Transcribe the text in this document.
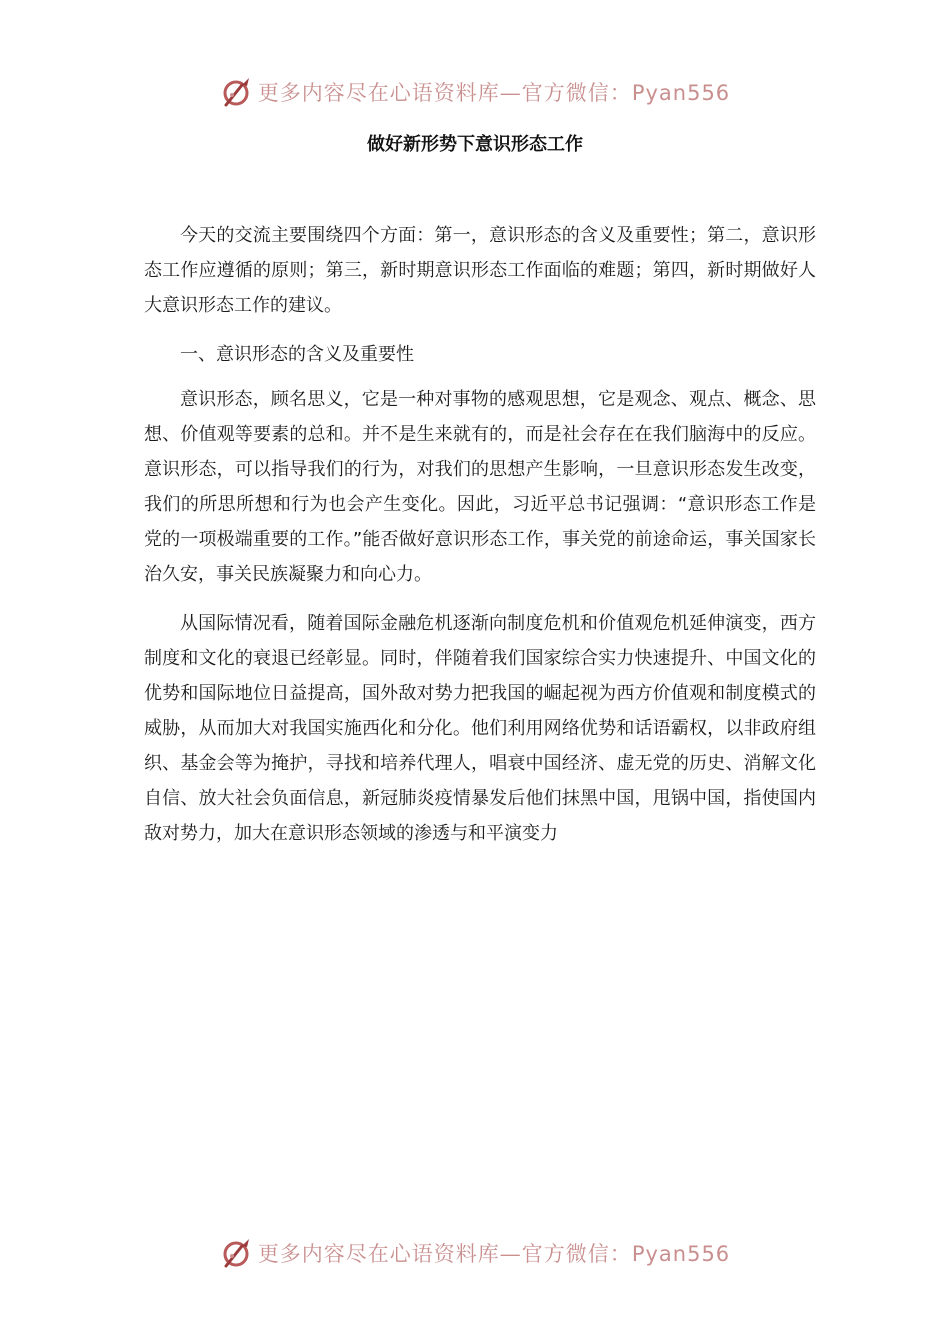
更多内容尽在心语资料库—官方微信：Pyan556
做好新形势下意识形态工作

今天的交流主要围绕四个方面：第一，意识形态的含义及重要性；第二，意识形态工作应遵循的原则；第三，新时期意识形态工作面临的难题；第四，新时期做好人大意识形态工作的建议。

一、意识形态的含义及重要性

意识形态，顾名思义，它是一种对事物的感观思想，它是观念、观点、概念、思想、价值观等要素的总和。并不是生来就有的，而是社会存在在我们脑海中的反应。意识形态，可以指导我们的行为，对我们的思想产生影响，一旦意识形态发生改变，我们的所思所想和行为也会产生变化。因此，习近平总书记强调：“意识形态工作是党的一项极端重要的工作。”能否做好意识形态工作，事关党的前途命运，事关国家长治久安，事关民族凝聚力和向心力。

从国际情况看，随着国际金融危机逐渐向制度危机和价值观危机延伸演变，西方制度和文化的衰退已经彰显。同时，伴随着我们国家综合实力快速提升、中国文化的优势和国际地位日益提高，国外敌对势力把我国的崛起视为西方价值观和制度模式的威胁，从而加大对我国实施西化和分化。他们利用网络优势和话语霸权，以非政府组织、基金会等为掩护，寻找和培养代理人，唱衰中国经济、虚无党的历史、消解文化自信、放大社会负面信息，新冠肺炎疫情暴发后他们抹黑中国，甩锅中国，指使国内敌对势力，加大在意识形态领域的渗透与和平演变力

更多内容尽在心语资料库—官方微信：Pyan556
